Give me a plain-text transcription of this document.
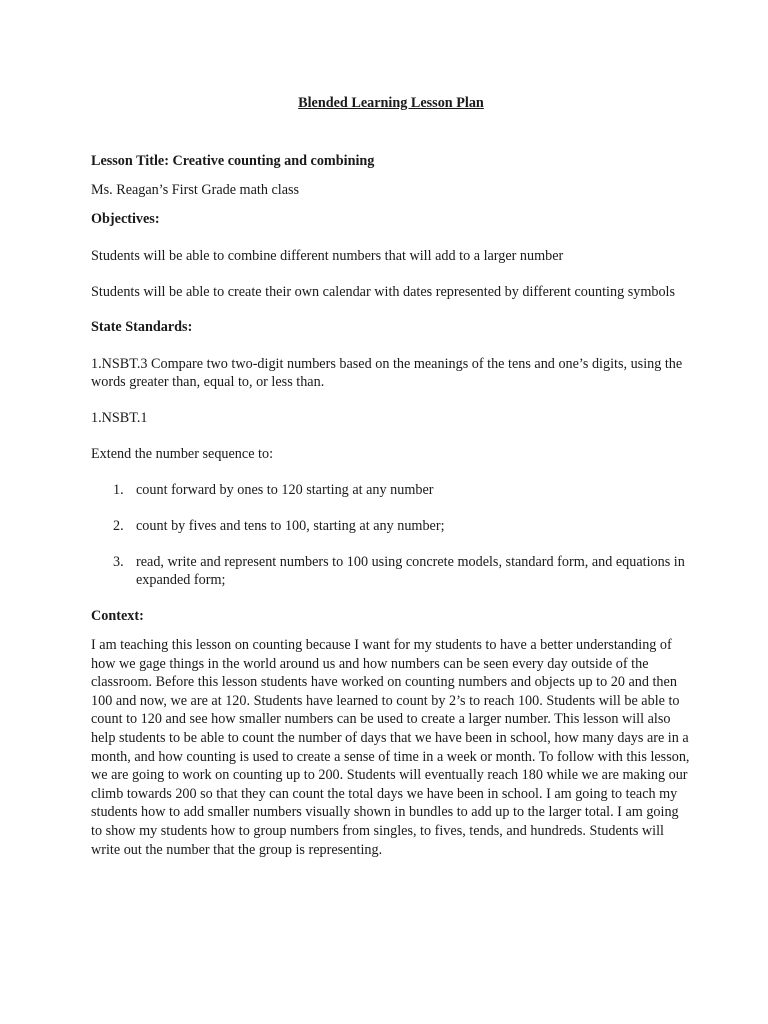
Blended Learning Lesson Plan

Lesson Title: Creative counting and combining

Ms. Reagan’s First Grade math class

Objectives:

Students will be able to combine different numbers that will add to a larger number

Students will be able to create their own calendar with dates represented by different counting symbols

State Standards:

1.NSBT.3 Compare two two-digit numbers based on the meanings of the tens and one’s digits, using the words greater than, equal to, or less than.

1.NSBT.1

Extend the number sequence to:

1. count forward by ones to 120 starting at any number
2. count by fives and tens to 100, starting at any number;
3. read, write and represent numbers to 100 using concrete models, standard form, and equations in expanded form;

Context:

I am teaching this lesson on counting because I want for my students to have a better understanding of how we gage things in the world around us and how numbers can be seen every day outside of the classroom. Before this lesson students have worked on counting numbers and objects up to 20 and then 100 and now, we are at 120. Students have learned to count by 2’s to reach 100. Students will be able to count to 120 and see how smaller numbers can be used to create a larger number. This lesson will also help students to be able to count the number of days that we have been in school, how many days are in a month, and how counting is used to create a sense of time in a week or month. To follow with this lesson, we are going to work on counting up to 200. Students will eventually reach 180 while we are making our climb towards 200 so that they can count the total days we have been in school. I am going to teach my students how to add smaller numbers visually shown in bundles to add up to the larger total. I am going to show my students how to group numbers from singles, to fives, tends, and hundreds. Students will write out the number that the group is representing.
